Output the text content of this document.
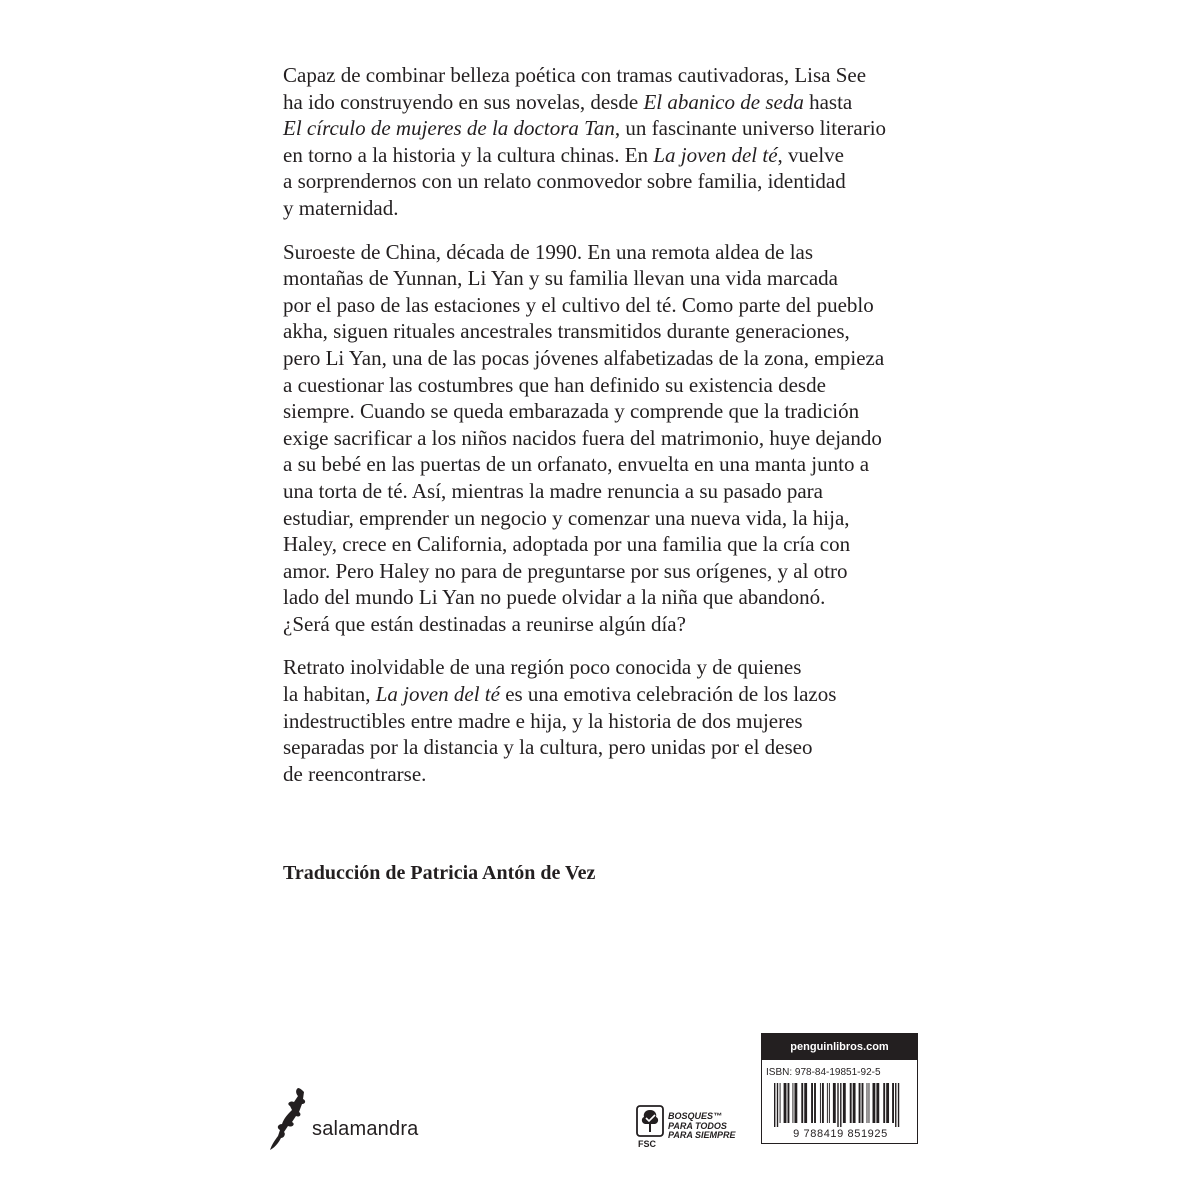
Capaz de combinar belleza poética con tramas cautivadoras, Lisa See
ha ido construyendo en sus novelas, desde El abanico de seda hasta
El círculo de mujeres de la doctora Tan, un fascinante universo literario
en torno a la historia y la cultura chinas. En La joven del té, vuelve
a sorprendernos con un relato conmovedor sobre familia, identidad
y maternidad.

Suroeste de China, década de 1990. En una remota aldea de las
montañas de Yunnan, Li Yan y su familia llevan una vida marcada
por el paso de las estaciones y el cultivo del té. Como parte del pueblo
akha, siguen rituales ancestrales transmitidos durante generaciones,
pero Li Yan, una de las pocas jóvenes alfabetizadas de la zona, empieza
a cuestionar las costumbres que han definido su existencia desde
siempre. Cuando se queda embarazada y comprende que la tradición
exige sacrificar a los niños nacidos fuera del matrimonio, huye dejando
a su bebé en las puertas de un orfanato, envuelta en una manta junto a
una torta de té. Así, mientras la madre renuncia a su pasado para
estudiar, emprender un negocio y comenzar una nueva vida, la hija,
Haley, crece en California, adoptada por una familia que la cría con
amor. Pero Haley no para de preguntarse por sus orígenes, y al otro
lado del mundo Li Yan no puede olvidar a la niña que abandonó.
¿Será que están destinadas a reunirse algún día?

Retrato inolvidable de una región poco conocida y de quienes
la habitan, La joven del té es una emotiva celebración de los lazos
indestructibles entre madre e hija, y la historia de dos mujeres
separadas por la distancia y la cultura, pero unidas por el deseo
de reencontrarse.

Traducción de Patricia Antón de Vez
salamandra
FSC
BOSQUES™
PARA TODOS
PARA SIEMPRE
penguinlibros.com
ISBN: 978-84-19851-92-5
9 788419 851925
